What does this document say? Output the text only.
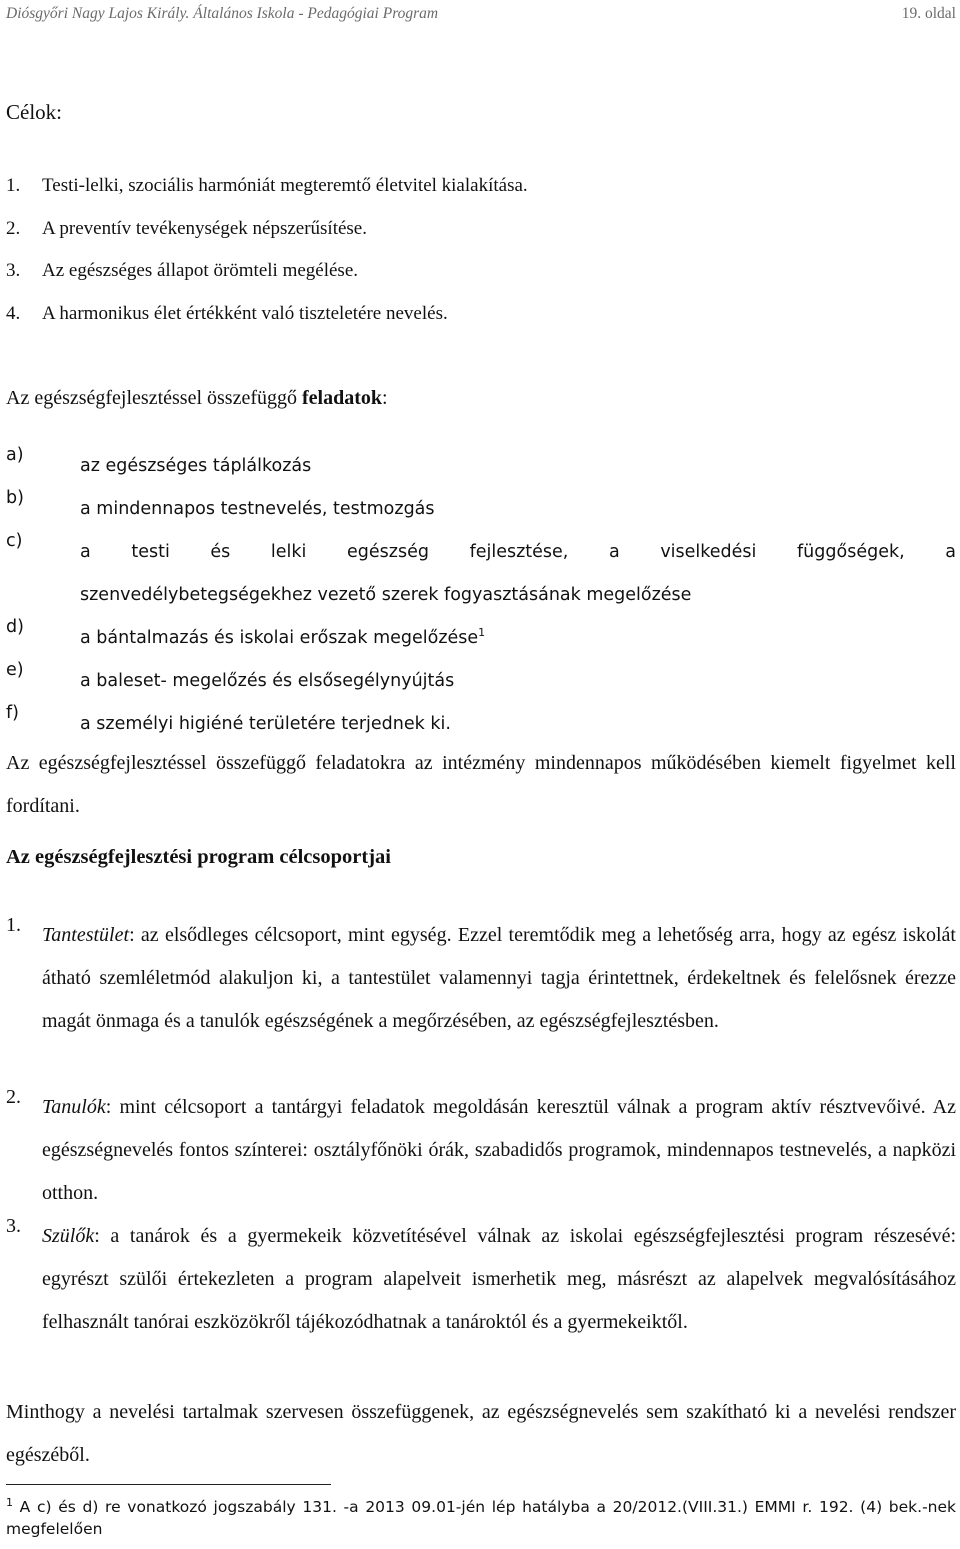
Diósgyőri Nagy Lajos Király. Általános Iskola - Pedagógiai Program	19. oldal
Célok:
1. Testi-lelki, szociális harmóniát megteremtő életvitel kialakítása.
2. A preventív tevékenységek népszerűsítése.
3. Az egészséges állapot örömteli megélése.
4. A harmonikus élet értékként való tiszteletére nevelés.
Az egészségfejlesztéssel összefüggő feladatok:
a)
az egészséges táplálkozás
b)
a mindennapos testnevelés, testmozgás
c)
a testi és lelki egészség fejlesztése, a viselkedési függőségek, a
szenvedélybetegségekhez vezető szerek fogyasztásának megelőzése
d)
a bántalmazás és iskolai erőszak megelőzése$^1$
e)
a baleset- megelőzés és elsősegélynyújtás
f)
a személyi higiéné területére terjednek ki.
Az egészségfejlesztéssel összefüggő feladatokra az intézmény mindennapos működésében kiemelt figyelmet kell fordítani.
Az egészségfejlesztési program célcsoportjai
1. Tantestület: az elsődleges célcsoport, mint egység. Ezzel teremtődik meg a lehetőség arra, hogy az egész iskolát átható szemléletmód alakuljon ki, a tantestület valamennyi tagja érintettnek, érdekeltnek és felelősnek érezze magát önmaga és a tanulók egészségének a megőrzésében, az egészségfejlesztésben.
2. Tanulók: mint célcsoport a tantárgyi feladatok megoldásán keresztül válnak a program aktív résztvevőivé. Az egészségnevelés fontos színterei: osztályfőnöki órák, szabadidős programok, mindennapos testnevelés, a napközi otthon.
3. Szülők: a tanárok és a gyermekeik közvetítésével válnak az iskolai egészségfejlesztési program részesévé: egyrészt szülői értekezleten a program alapelveit ismerhetik meg, másrészt az alapelvek megvalósításához felhasznált tanórai eszközökről tájékozódhatnak a tanároktól és a gyermekeiktől.
Minthogy a nevelési tartalmak szervesen összefüggenek, az egészségnevelés sem szakítható ki a nevelési rendszer egészéből.
$^1$ A c) és d) re vonatkozó jogszabály 131. -a 2013 09.01-jén lép hatályba a 20/2012.(VIII.31.) EMMI r. 192. (4) bek.-nek megfelelően
